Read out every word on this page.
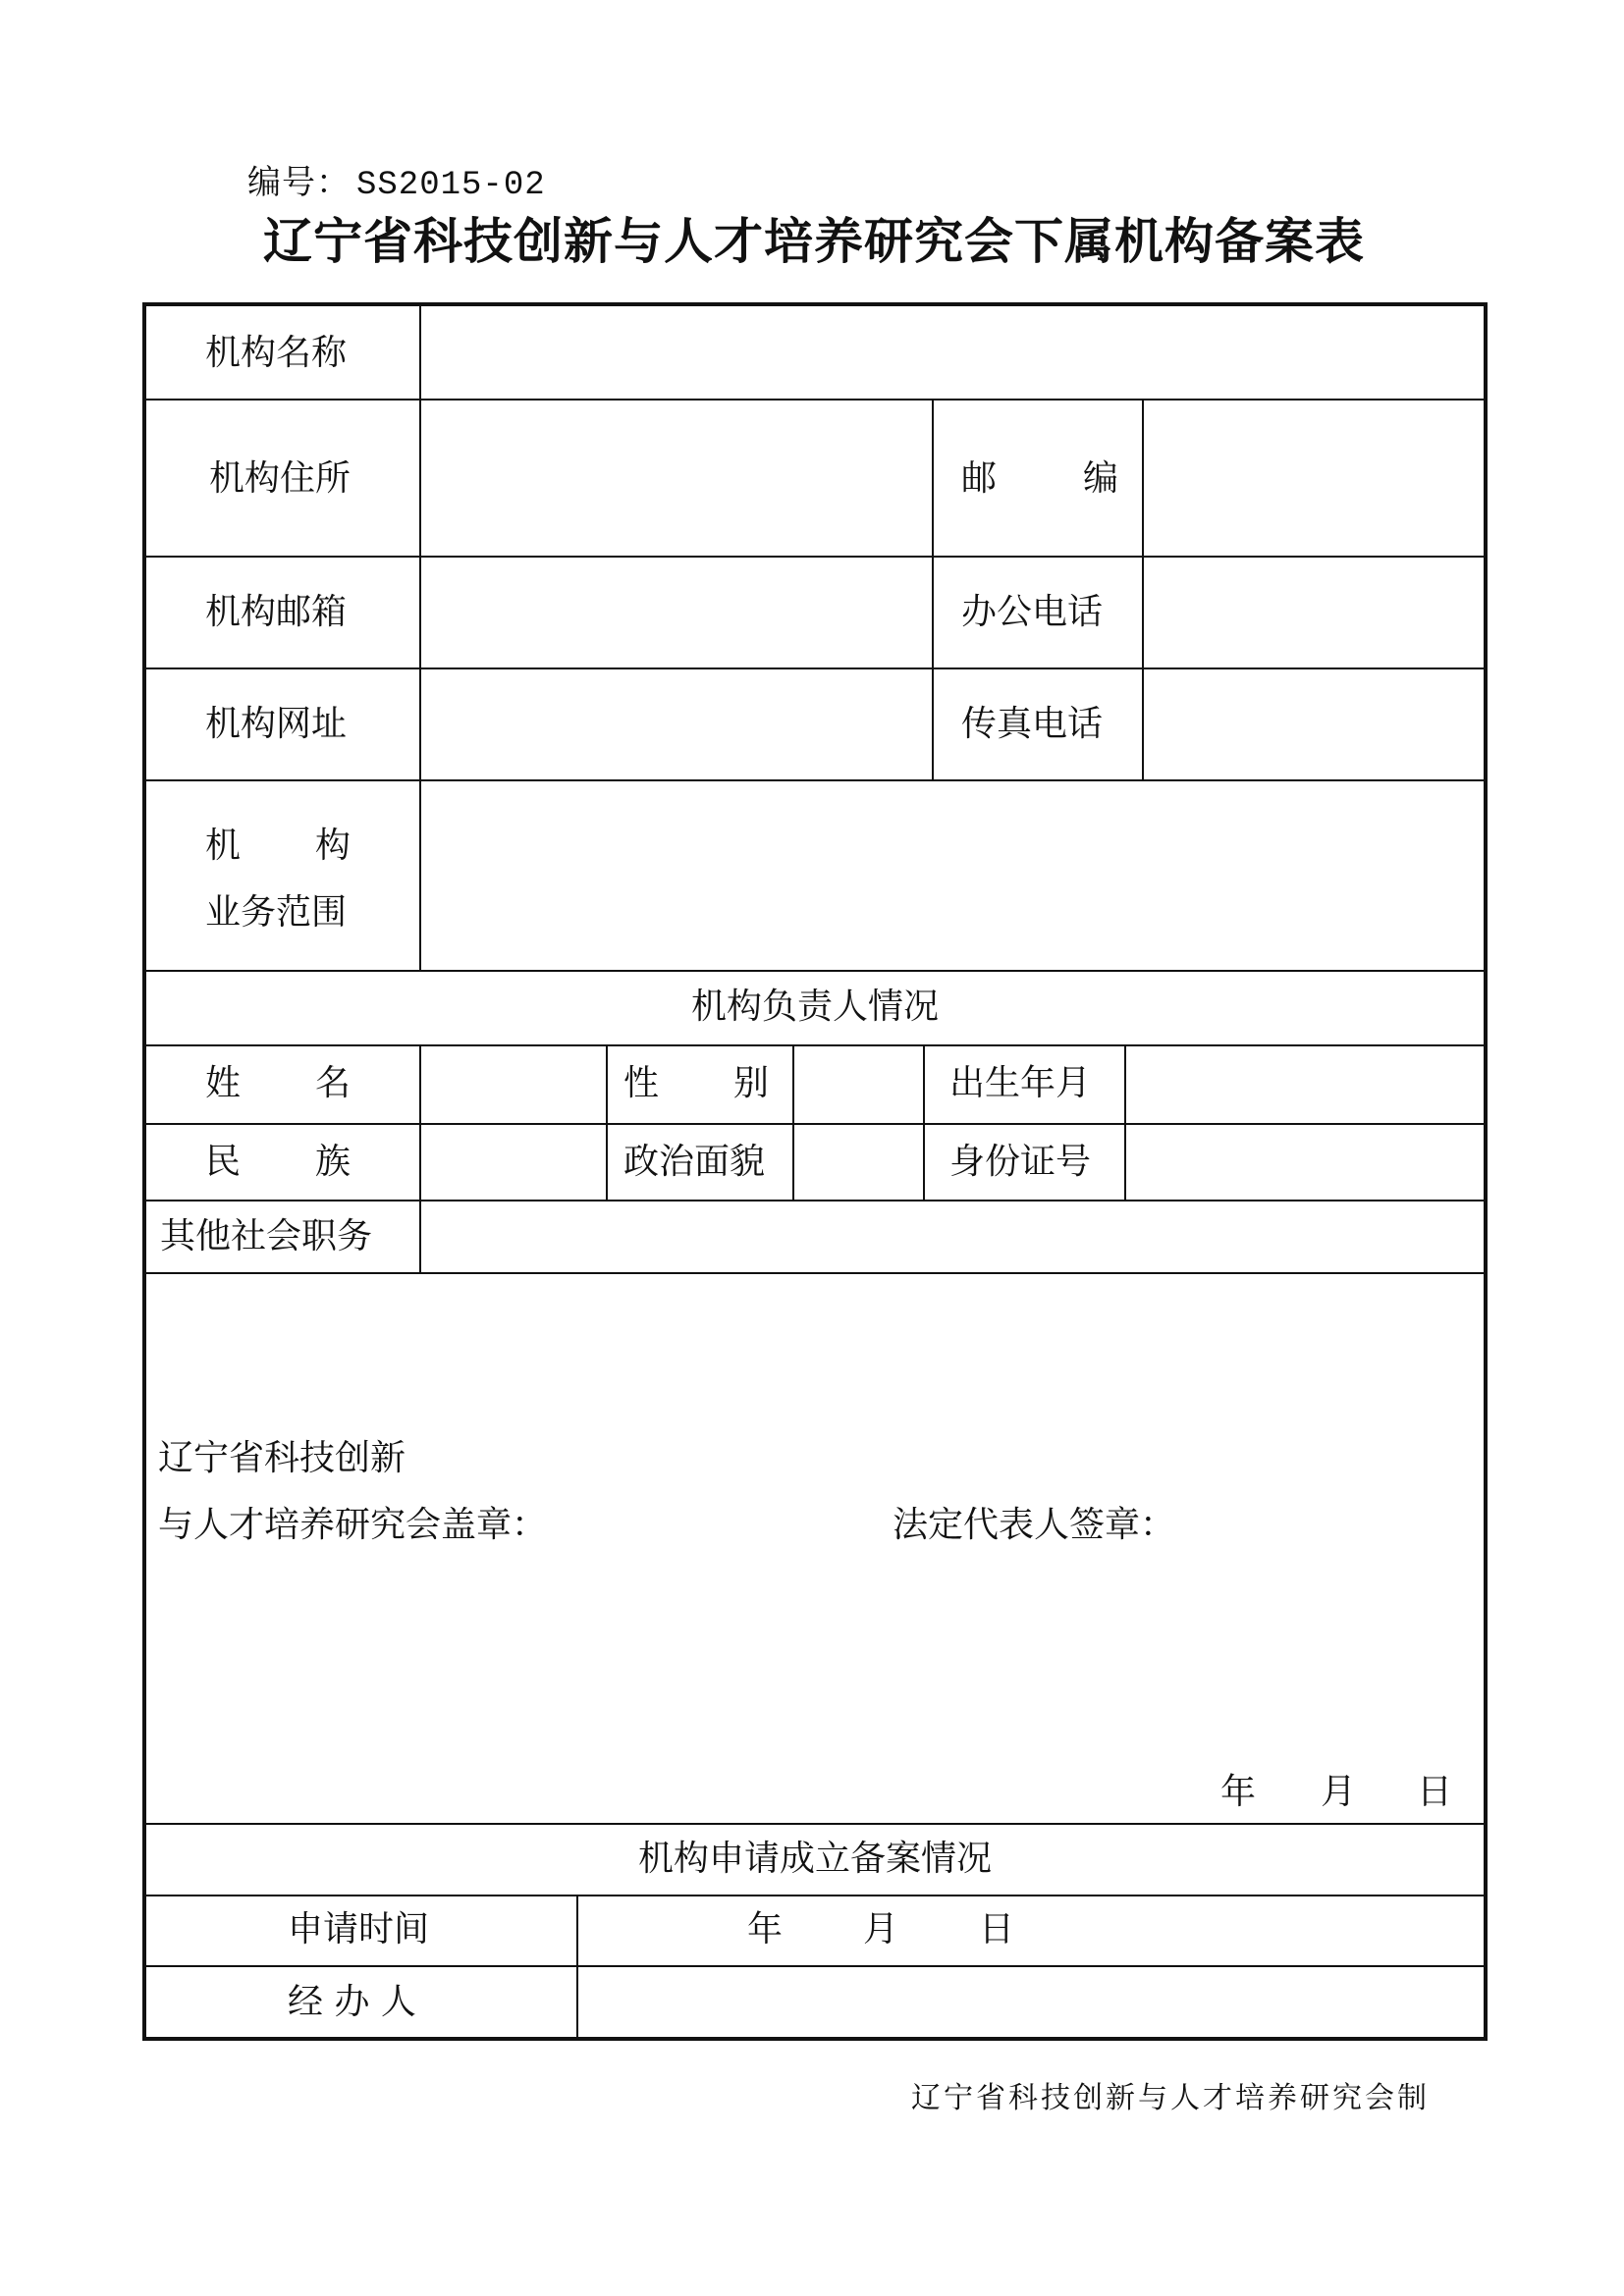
编号： SS2015-02
辽宁省科技创新与人才培养研究会下属机构备案表
机构名称
机构住所	邮 编
机构邮箱	办公电话
机构网址	传真电话
机 构
业务范围
机构负责人情况
姓 名	性 别	出生年月
民 族	政治面貌	身份证号
其他社会职务
辽宁省科技创新
与人才培养研究会盖章：	法定代表人签章：
年 月 日
机构申请成立备案情况
申请时间	年 月 日
经 办 人
辽宁省科技创新与人才培养研究会制
